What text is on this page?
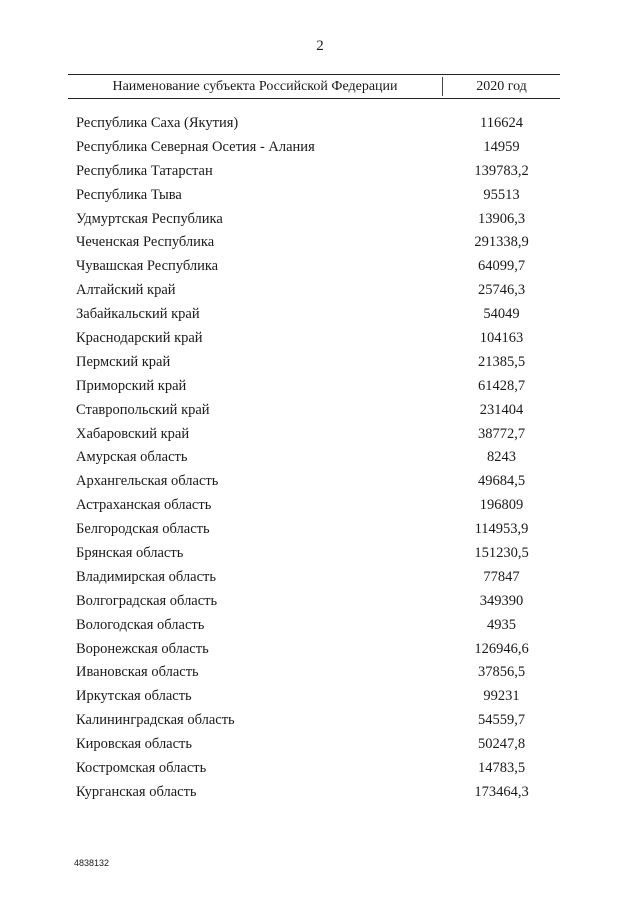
2
Наименование субъекта Российской Федерации	2020 год
Республика Саха (Якутия)	116624
Республика Северная Осетия - Алания	14959
Республика Татарстан	139783,2
Республика Тыва	95513
Удмуртская Республика	13906,3
Чеченская Республика	291338,9
Чувашская Республика	64099,7
Алтайский край	25746,3
Забайкальский край	54049
Краснодарский край	104163
Пермский край	21385,5
Приморский край	61428,7
Ставропольский край	231404
Хабаровский край	38772,7
Амурская область	8243
Архангельская область	49684,5
Астраханская область	196809
Белгородская область	114953,9
Брянская область	151230,5
Владимирская область	77847
Волгоградская область	349390
Вологодская область	4935
Воронежская область	126946,6
Ивановская область	37856,5
Иркутская область	99231
Калининградская область	54559,7
Кировская область	50247,8
Костромская область	14783,5
Курганская область	173464,3
4838132
